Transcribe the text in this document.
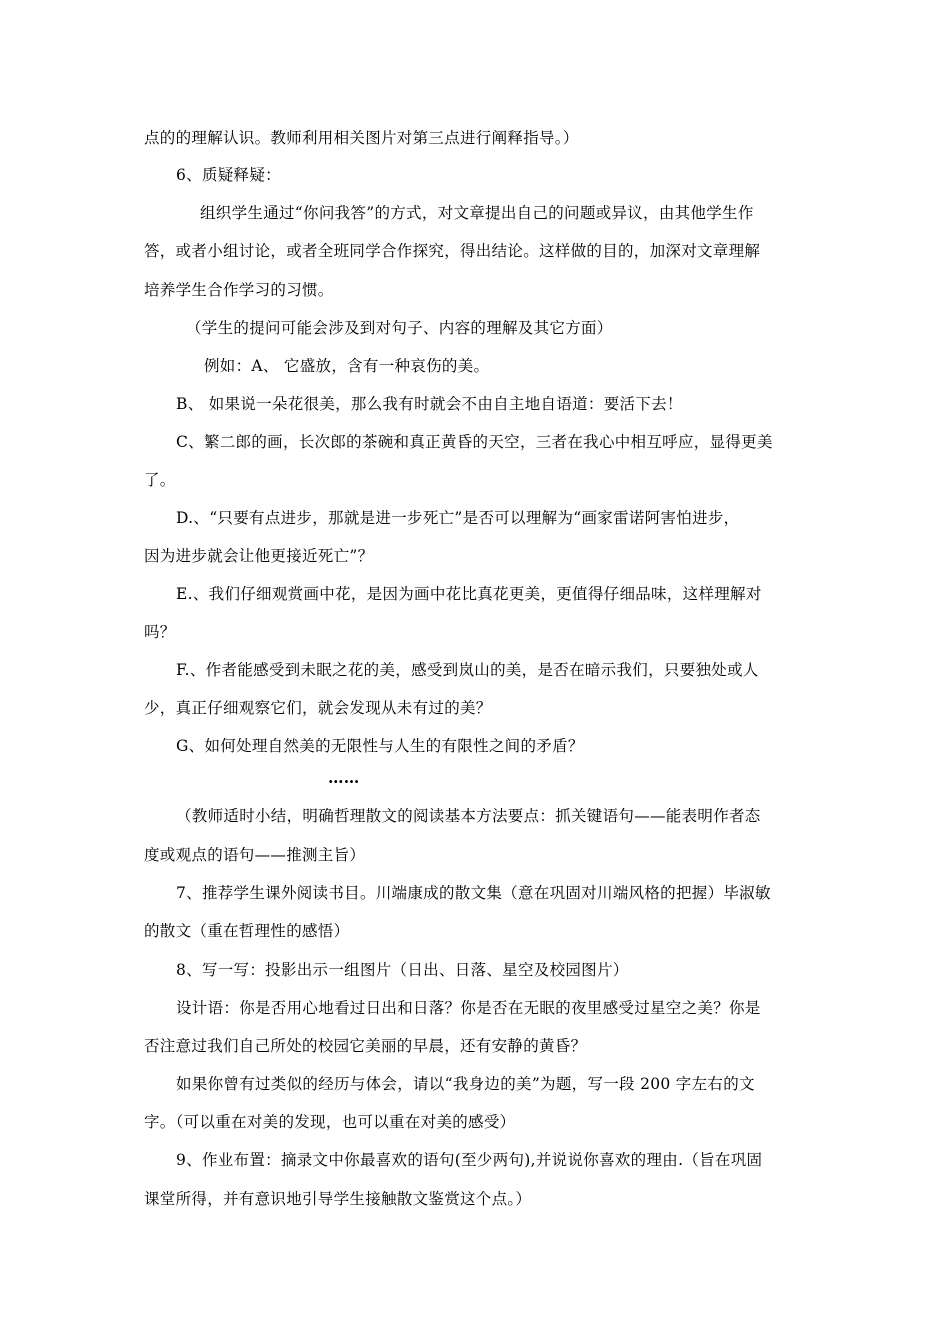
点的的理解认识。教师利用相关图片对第三点进行阐释指导。）
6、质疑释疑：
组织学生通过“你问我答”的方式，对文章提出自己的问题或异议，由其他学生作
答，或者小组讨论，或者全班同学合作探究，得出结论。这样做的目的，加深对文章理解
培养学生合作学习的习惯。
（学生的提问可能会涉及到对句子、内容的理解及其它方面）
例如：A、 它盛放，含有一种哀伤的美。
B、 如果说一朵花很美，那么我有时就会不由自主地自语道：要活下去！
C、繁二郎的画，长次郎的茶碗和真正黄昏的天空，三者在我心中相互呼应，显得更美
了。
D.、“只要有点进步，那就是进一步死亡”是否可以理解为“画家雷诺阿害怕进步，
因为进步就会让他更接近死亡”？
E.、我们仔细观赏画中花，是因为画中花比真花更美，更值得仔细品味，这样理解对
吗？
F.、作者能感受到未眠之花的美，感受到岚山的美，是否在暗示我们，只要独处或人
少，真正仔细观察它们，就会发现从未有过的美？
G、如何处理自然美的无限性与人生的有限性之间的矛盾？
……
（教师适时小结，明确哲理散文的阅读基本方法要点：抓关键语句——能表明作者态
度或观点的语句——推测主旨）
7、推荐学生课外阅读书目。川端康成的散文集（意在巩固对川端风格的把握）毕淑敏
的散文（重在哲理性的感悟）
8、写一写：投影出示一组图片（日出、日落、星空及校园图片）
设计语：你是否用心地看过日出和日落？你是否在无眠的夜里感受过星空之美？你是
否注意过我们自己所处的校园它美丽的早晨，还有安静的黄昏？
如果你曾有过类似的经历与体会，请以“我身边的美”为题，写一段 200 字左右的文
字。（可以重在对美的发现，也可以重在对美的感受）
9、作业布置：摘录文中你最喜欢的语句(至少两句),并说说你喜欢的理由.（旨在巩固
课堂所得，并有意识地引导学生接触散文鉴赏这个点。）
